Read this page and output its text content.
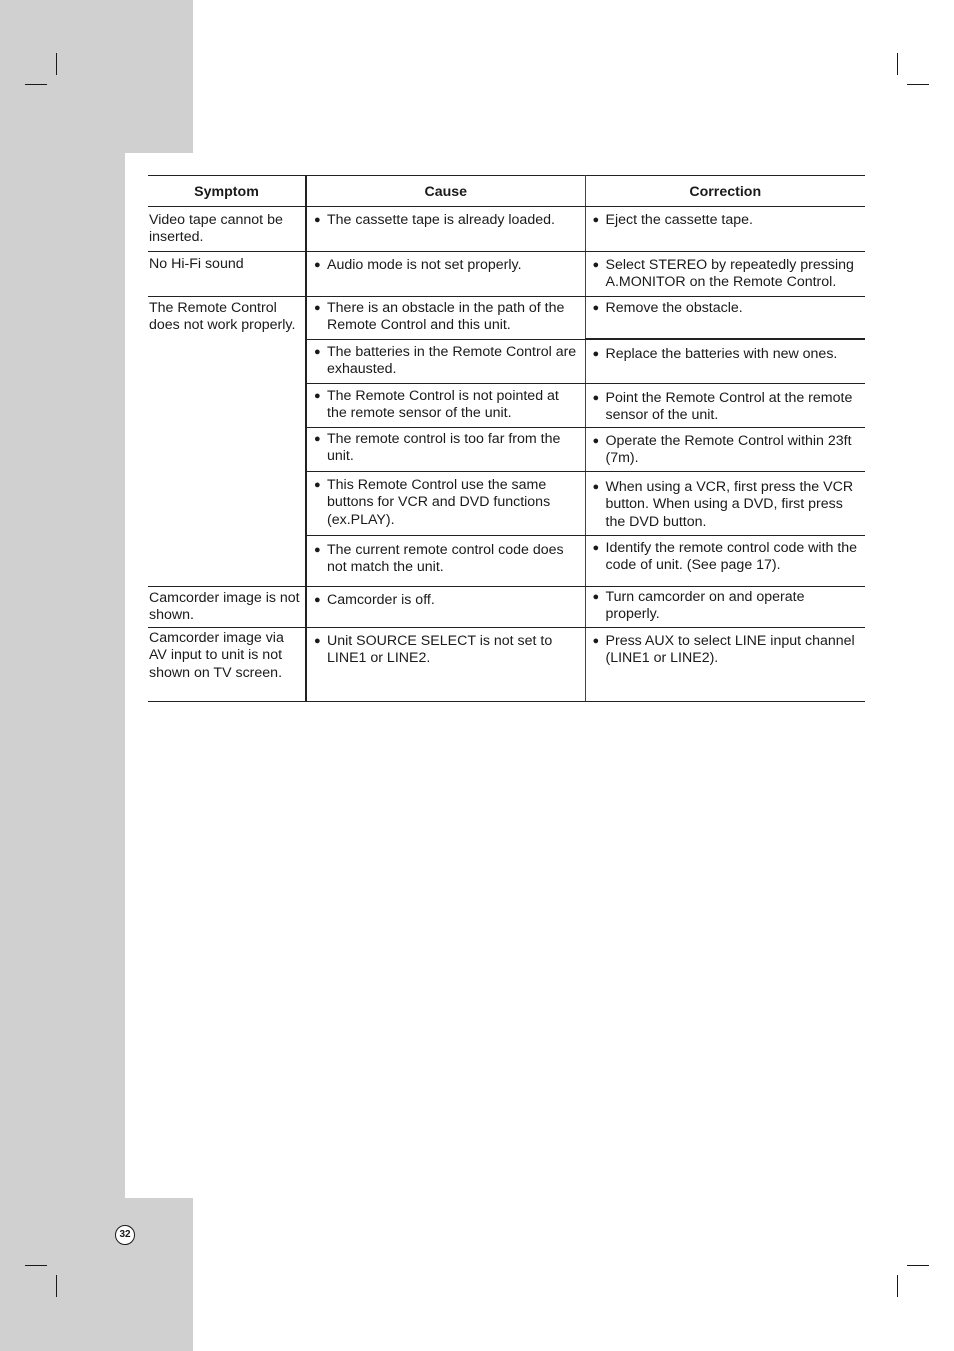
Symptom	Cause	Correction

Video tape cannot be inserted.	● The cassette tape is already loaded.	● Eject the cassette tape.

No Hi-Fi sound	● Audio mode is not set properly.	● Select STEREO by repeatedly pressing A.MONITOR on the Remote Control.

The Remote Control does not work properly.	● There is an obstacle in the path of the Remote Control and this unit.	● Remove the obstacle.

	● The batteries in the Remote Control are exhausted.	● Replace the batteries with new ones.

	● The Remote Control is not pointed at the remote sensor of the unit.	● Point the Remote Control at the remote sensor of the unit.

	● The remote control is too far from the unit.	● Operate the Remote Control within 23ft (7m).

	● This Remote Control use the same buttons for VCR and DVD functions (ex.PLAY).	● When using a VCR, first press the VCR button. When using a DVD, first press the DVD button.

	● The current remote control code does not match the unit.	● Identify the remote control code with the code of unit. (See page 17).

Camcorder image is not shown.	● Camcorder is off.	● Turn camcorder on and operate properly.

Camcorder image via AV input to unit is not shown on TV screen.	● Unit SOURCE SELECT is not set to LINE1 or LINE2.	● Press AUX to select LINE input channel (LINE1 or LINE2).
32
